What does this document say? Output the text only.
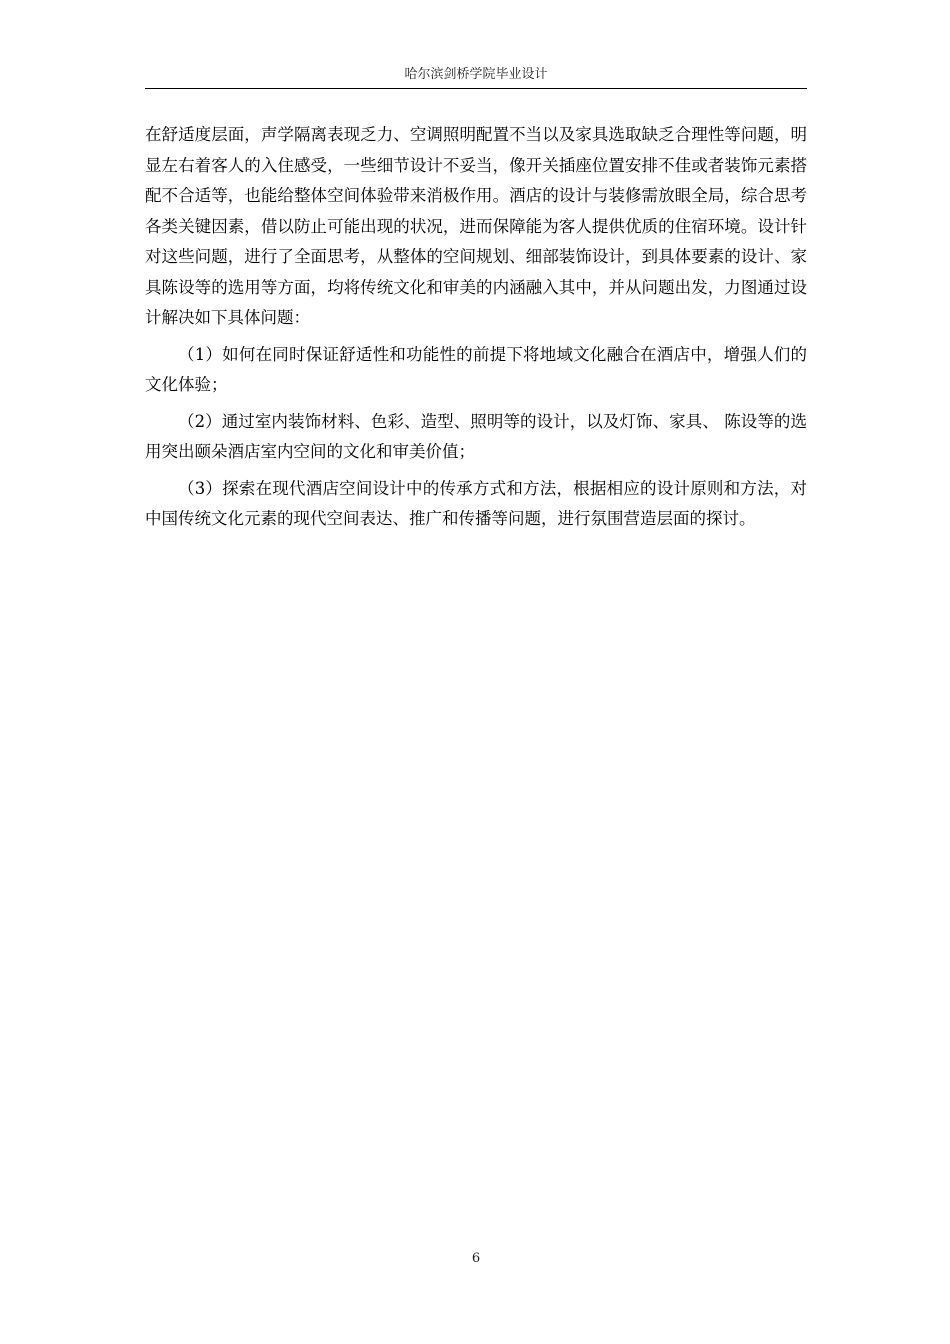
哈尔滨剑桥学院毕业设计

在舒适度层面，声学隔离表现乏力、空调照明配置不当以及家具选取缺乏合理性等问题，明显左右着客人的入住感受，一些细节设计不妥当，像开关插座位置安排不佳或者装饰元素搭配不合适等，也能给整体空间体验带来消极作用。酒店的设计与装修需放眼全局，综合思考各类关键因素，借以防止可能出现的状况，进而保障能为客人提供优质的住宿环境。设计针对这些问题，进行了全面思考，从整体的空间规划、细部装饰设计，到具体要素的设计、家具陈设等的选用等方面，均将传统文化和审美的内涵融入其中，并从问题出发，力图通过设计解决如下具体问题：

（1）如何在同时保证舒适性和功能性的前提下将地域文化融合在酒店中，增强人们的文化体验；

（2）通过室内装饰材料、色彩、造型、照明等的设计，以及灯饰、家具、 陈设等的选用突出颐朵酒店室内空间的文化和审美价值；

（3）探索在现代酒店空间设计中的传承方式和方法，根据相应的设计原则和方法，对中国传统文化元素的现代空间表达、推广和传播等问题，进行氛围营造层面的探讨。

6
